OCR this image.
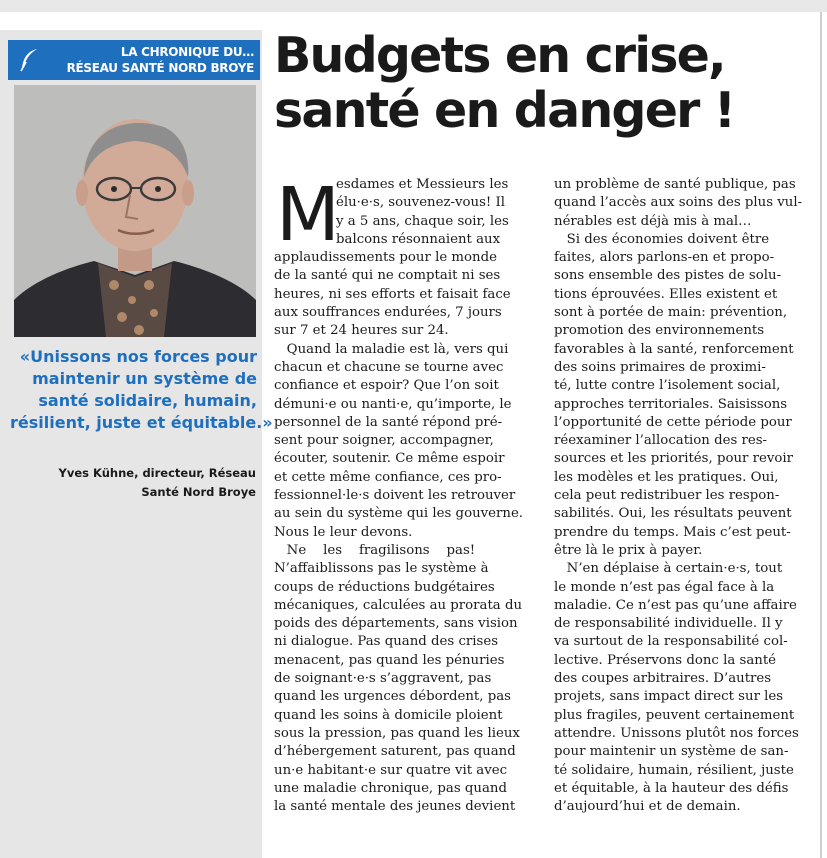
LA CHRONIQUE DU…
RÉSEAU SANTÉ NORD BROYE

«Unissons nos forces pour

maintenir un système de

santé solidaire, humain,

résilient, juste et équitable.»

Yves Kühne, directeur, Réseau

Santé Nord Broye

Budgets en crise,

santé en danger !

M

esdames et Messieurs les

élu·e·s, souvenez-vous! Il

y a 5 ans, chaque soir, les

balcons résonnaient aux

applaudissements pour le monde

de la santé qui ne comptait ni ses

heures, ni ses efforts et faisait face

aux souffrances endurées, 7 jours

sur 7 et 24 heures sur 24.

Quand la maladie est là, vers qui

chacun et chacune se tourne avec

confiance et espoir? Que l’on soit

démuni·e ou nanti·e, qu’importe, le

personnel de la santé répond pré-

sent pour soigner, accompagner,

écouter, soutenir. Ce même espoir

et cette même confiance, ces pro-

fessionnel·le·s doivent les retrouver

au sein du système qui les gouverne.

Nous le leur devons.

Ne    les    fragilisons    pas!

N’affaiblissons pas le système à

coups de réductions budgétaires

mécaniques, calculées au prorata du

poids des départements, sans vision

ni dialogue. Pas quand des crises

menacent, pas quand les pénuries

de soignant·e·s s’aggravent, pas

quand les urgences débordent, pas

quand les soins à domicile ploient

sous la pression, pas quand les lieux

d’hébergement saturent, pas quand

un·e habitant·e sur quatre vit avec

une maladie chronique, pas quand

la santé mentale des jeunes devient

un problème de santé publique, pas

quand l’accès aux soins des plus vul-

nérables est déjà mis à mal…

Si des économies doivent être

faites, alors parlons-en et propo-

sons ensemble des pistes de solu-

tions éprouvées. Elles existent et

sont à portée de main: prévention,

promotion des environnements

favorables à la santé, renforcement

des soins primaires de proximi-

té, lutte contre l’isolement social,

approches territoriales. Saisissons

l’opportunité de cette période pour

réexaminer l’allocation des res-

sources et les priorités, pour revoir

les modèles et les pratiques. Oui,

cela peut redistribuer les respon-

sabilités. Oui, les résultats peuvent

prendre du temps. Mais c’est peut-

être là le prix à payer.

N’en déplaise à certain·e·s, tout

le monde n’est pas égal face à la

maladie. Ce n’est pas qu’une affaire

de responsabilité individuelle. Il y

va surtout de la responsabilité col-

lective. Préservons donc la santé

des coupes arbitraires. D’autres

projets, sans impact direct sur les

plus fragiles, peuvent certainement

attendre. Unissons plutôt nos forces

pour maintenir un système de san-

té solidaire, humain, résilient, juste

et équitable, à la hauteur des défis

d’aujourd’hui et de demain.
